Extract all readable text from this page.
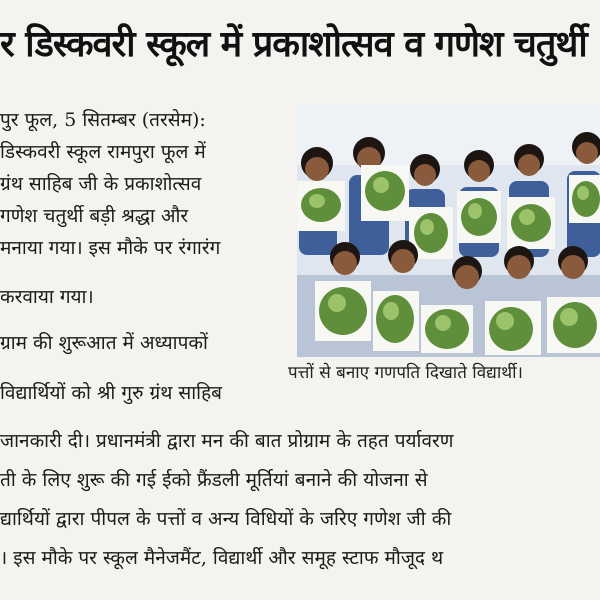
र डिस्कवरी स्कूल में प्रकाशोत्सव व गणेश चतुर्थी
पुर फूल, 5 सितम्बर (तरसेम):
डिस्कवरी स्कूल रामपुरा फूल में
ग्रंथ साहिब जी के प्रकाशोत्सव
गणेश चतुर्थी बड़ी श्रद्धा और
मनाया गया। इस मौके पर रंगारंग
करवाया गया।
ग्राम की शुरूआत में अध्यापकों
विद्यार्थियों को श्री गुरु ग्रंथ साहिब
पत्तों से बनाए गणपति दिखाते विद्यार्थी।
जानकारी दी। प्रधानमंत्री द्वारा मन की बात प्रोग्राम के तहत पर्यावरण
ती के लिए शुरू की गई ईको फ्रैंडली मूर्तियां बनाने की योजना से
द्यार्थियों द्वारा पीपल के पत्तों व अन्य विधियों के जरिए गणेश जी की
। इस मौके पर स्कूल मैनेजमैंट, विद्यार्थी और समूह स्टाफ मौजूद थ
